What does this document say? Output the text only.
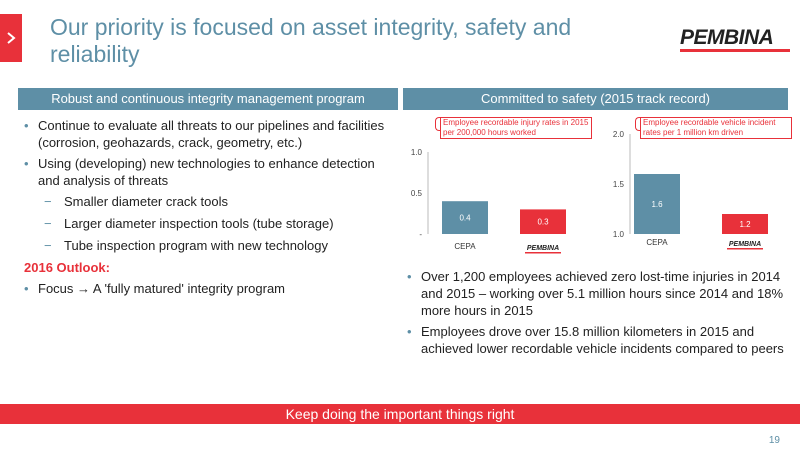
Our priority is focused on asset integrity, safety and reliability
PEMBINA
Robust and continuous integrity management program	Committed to safety (2015 track record)
• Continue to evaluate all threats to our pipelines and facilities (corrosion, geohazards, crack, geometry, etc.)
• Using (developing) new technologies to enhance detection and analysis of threats
− Smaller diameter crack tools
− Larger diameter inspection tools (tube storage)
− Tube inspection program with new technology
2016 Outlook:
• Focus → A 'fully matured' integrity program
-
0.5
1.0
0.4	0.3
CEPA	PEMBINA
Employee recordable injury rates in 2015 per 200,000 hours worked
1.0
1.5
2.0
1.6
1.2
CEPA	PEMBINA
Employee recordable vehicle incident rates per 1 million km driven
• Over 1,200 employees achieved zero lost-time injuries in 2014 and 2015 – working over 5.1 million hours since 2014 and 18% more hours in 2015
• Employees drove over 15.8 million kilometers in 2015 and achieved lower recordable vehicle incidents compared to peers
Keep doing the important things right
19
